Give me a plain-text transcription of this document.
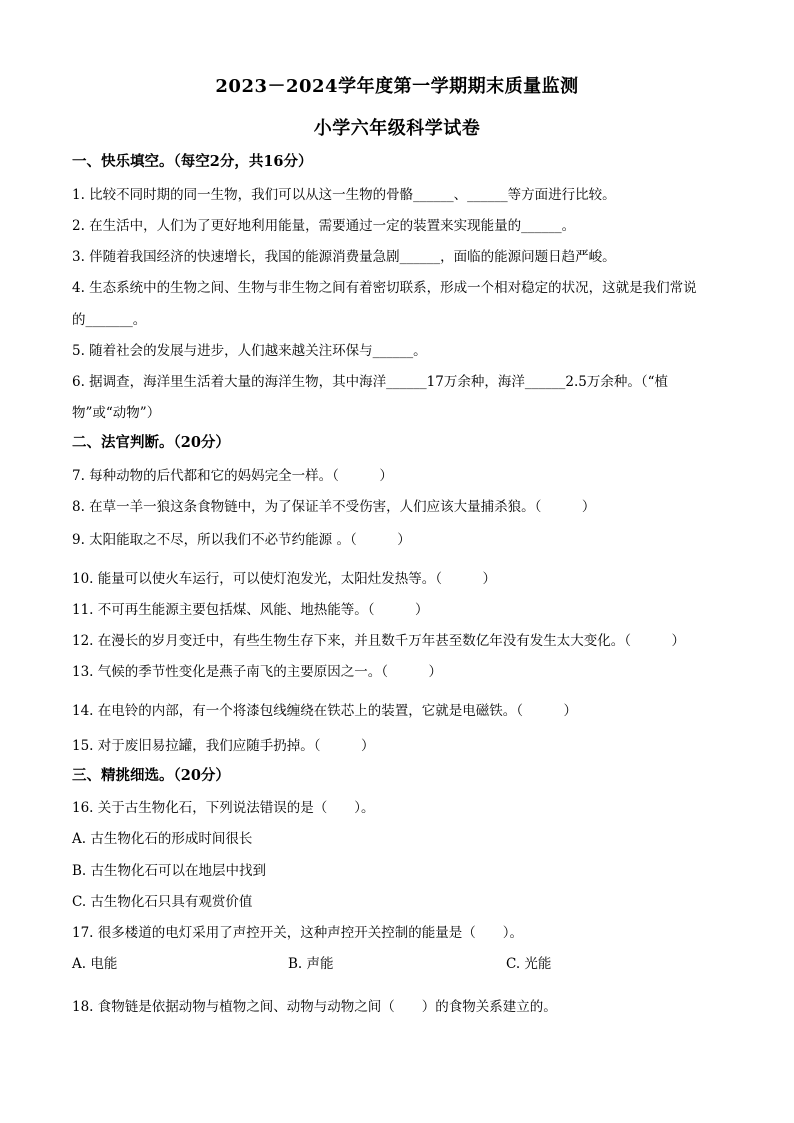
2023－2024学年度第一学期期末质量监测
小学六年级科学试卷
一、快乐填空。（每空2分，共16分）
1. 比较不同时期的同一生物，我们可以从这一生物的骨骼______、______等方面进行比较。
2. 在生活中，人们为了更好地利用能量，需要通过一定的装置来实现能量的______。
3. 伴随着我国经济的快速增长，我国的能源消费量急剧______，面临的能源问题日趋严峻。
4. 生态系统中的生物之间、生物与非生物之间有着密切联系，形成一个相对稳定的状况，这就是我们常说
的_______。
5. 随着社会的发展与进步，人们越来越关注环保与______。
6. 据调查，海洋里生活着大量的海洋生物，其中海洋______17万余种，海洋______2.5万余种。（“植
物”或“动物”）
二、法官判断。（20分）
7. 每种动物的后代都和它的妈妈完全一样。（　　　）
8. 在草一羊一狼这条食物链中，为了保证羊不受伤害，人们应该大量捕杀狼。（　　　）
9. 太阳能取之不尽，所以我们不必节约能源 。（　　　）
10. 能量可以使火车运行，可以使灯泡发光，太阳灶发热等。（　　　）
11. 不可再生能源主要包括煤、风能、地热能等。（　　　）
12. 在漫长的岁月变迁中，有些生物生存下来，并且数千万年甚至数亿年没有发生太大变化。（　　　）
13. 气候的季节性变化是燕子南飞的主要原因之一。（　　　）
14. 在电铃的内部，有一个将漆包线缠绕在铁芯上的装置，它就是电磁铁。（　　　）
15. 对于废旧易拉罐，我们应随手扔掉。（　　　）
三、精挑细选。（20分）
16. 关于古生物化石，下列说法错误的是（　　）。
A. 古生物化石的形成时间很长
B. 古生物化石可以在地层中找到
C. 古生物化石只具有观赏价值
17. 很多楼道的电灯采用了声控开关，这种声控开关控制的能量是（　　）。
A. 电能	B. 声能	C. 光能
18. 食物链是依据动物与植物之间、动物与动物之间（　　）的食物关系建立的。
